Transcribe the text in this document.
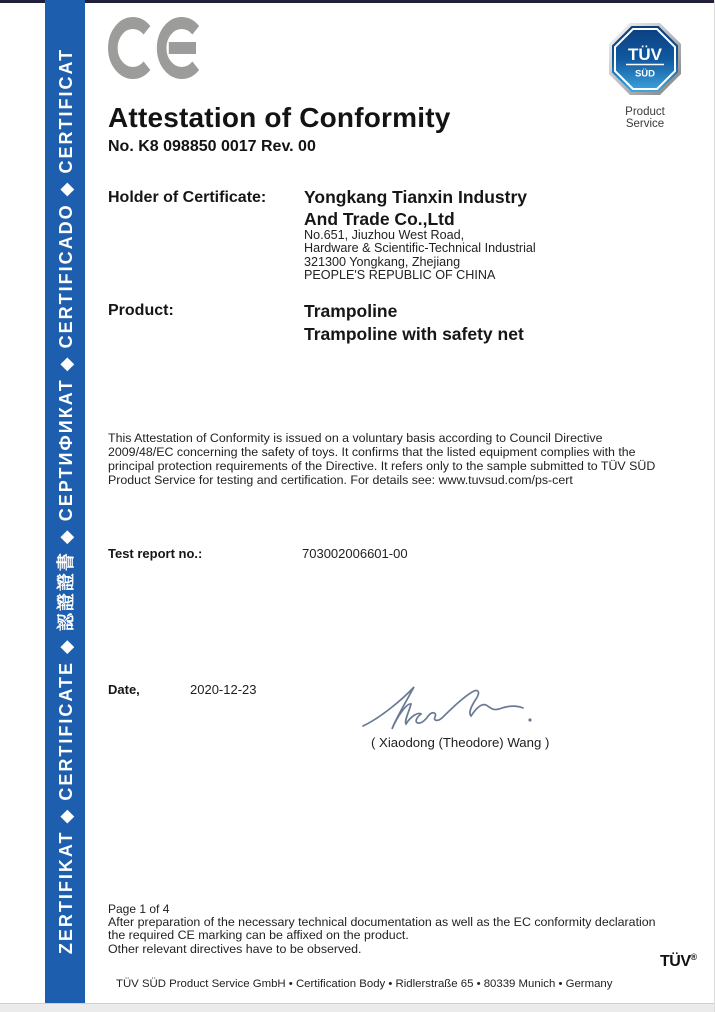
ZERTIFIKAT ◆ CERTIFICATE ◆ 認證證書 ◆ СЕРТИФИКАТ ◆ CERTIFICADO ◆ CERTIFICAT	TÜV
SÜD
Product Service
Attestation of Conformity
No. K8 098850 0017 Rev. 00
Holder of Certificate: Yongkang Tianxin Industry
And Trade Co.,Ltd
No.651, Jiuzhou West Road,
Hardware & Scientific-Technical Industrial
321300 Yongkang, Zhejiang
PEOPLE'S REPUBLIC OF CHINA
Product:	Trampoline
Trampoline with safety net
This Attestation of Conformity is issued on a voluntary basis according to Council Directive
2009/48/EC concerning the safety of toys. It confirms that the listed equipment complies with the
principal protection requirements of the Directive. It refers only to the sample submitted to TÜV SÜD
Product Service for testing and certification. For details see: www.tuvsud.com/ps-cert
Test report no.:	703002006601-00
Date,	2020-12-23
( Xiaodong (Theodore) Wang )
Page 1 of 4
After preparation of the necessary technical documentation as well as the EC conformity declaration
the required CE marking can be affixed on the product.
Other relevant directives have to be observed.
TÜV®
TÜV SÜD Product Service GmbH • Certification Body • Ridlerstraße 65 • 80339 Munich • Germany
